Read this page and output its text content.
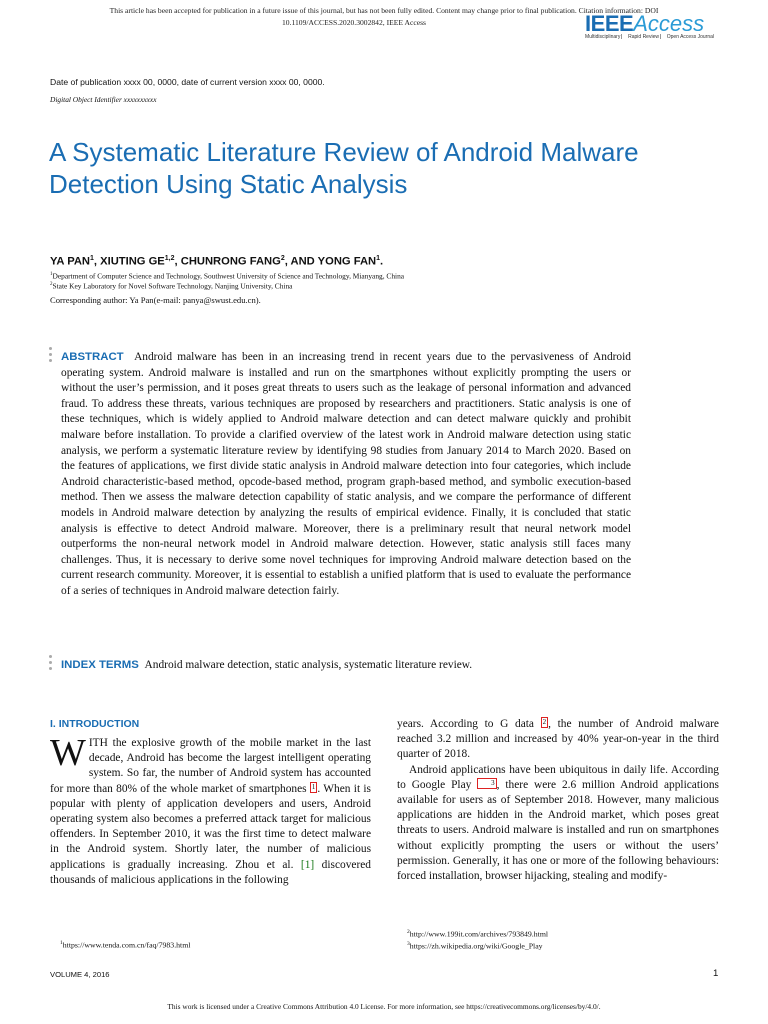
This article has been accepted for publication in a future issue of this journal, but has not been fully edited. Content may change prior to final publication. Citation information: DOI
10.1109/ACCESS.2020.3002842, IEEE Access	IEEEAccess
Multidisciplinary ⎸ Rapid Review ⎸ Open Access Journal
Date of publication xxxx 00, 0000, date of current version xxxx 00, 0000.
Digital Object Identifier xxxxxxxxxx
A Systematic Literature Review of Android Malware Detection Using Static Analysis
YA PAN$^1$, XIUTING GE$^{1,2}$, CHUNRONG FANG$^2$, AND YONG FAN$^1$.
$^1$Department of Computer Science and Technology, Southwest University of Science and Technology, Mianyang, China
$^2$State Key Laboratory for Novel Software Technology, Nanjing University, China
Corresponding author: Ya Pan(e-mail: panya@swust.edu.cn).
ABSTRACT Android malware has been in an increasing trend in recent years due to the pervasiveness of Android operating system. Android malware is installed and run on the smartphones without explicitly prompting the users or without the user’s permission, and it poses great threats to users such as the leakage of personal information and advanced fraud. To address these threats, various techniques are proposed by researchers and practitioners. Static analysis is one of these techniques, which is widely applied to Android malware detection and can detect malware quickly and prohibit malware before installation. To provide a clarified overview of the latest work in Android malware detection using static analysis, we perform a systematic literature review by identifying 98 studies from January 2014 to March 2020. Based on the features of applications, we first divide static analysis in Android malware detection into four categories, which include Android characteristic-based method, opcode-based method, program graph-based method, and symbolic execution-based method. Then we assess the malware detection capability of static analysis, and we compare the performance of different models in Android malware detection by analyzing the results of empirical evidence. Finally, it is concluded that static analysis is effective to detect Android malware. Moreover, there is a preliminary result that neural network model outperforms the non-neural network model in Android malware detection. However, static analysis still faces many challenges. Thus, it is necessary to derive some novel techniques for improving Android malware detection based on the current research community. Moreover, it is essential to establish a unified platform that is used to evaluate the performance of a series of techniques in Android malware detection fairly.
INDEX TERMS Android malware detection, static analysis, systematic literature review.
I. INTRODUCTION
WITH the explosive growth of the mobile market in the last decade, Android has become the largest intelligent operating system. So far, the number of Android system has accounted for more than 80% of the whole market of smartphones 1 . When it is popular with plenty of application developers and users, Android operating system also becomes a preferred attack target for malicious offenders. In September 2010, it was the first time to detect malware in the Android system. Shortly later, the number of malicious applications is gradually increasing. Zhou et al. [1] discovered thousands of malicious applications in the following
years. According to G data 2 , the number of Android malware reached 3.2 million and increased by 40% year-on-year in the third quarter of 2018.
Android applications have been ubiquitous in daily life. According to Google Play 3 , there were 2.6 million Android applications available for users as of September 2018. However, many malicious applications are hidden in the Android market, which poses great threats to users. Android malware is installed and run on smartphones without explicitly prompting the users or without the users’ permission. Generally, it has one or more of the following behaviours: forced installation, browser hijacking, stealing and modify-
$^1$https://www.tenda.com.cn/faq/7983.html
$^2$http://www.199it.com/archives/793849.html
$^3$https://zh.wikipedia.org/wiki/Google_Play
VOLUME 4, 2016	1
This work is licensed under a Creative Commons Attribution 4.0 License. For more information, see https://creativecommons.org/licenses/by/4.0/.
